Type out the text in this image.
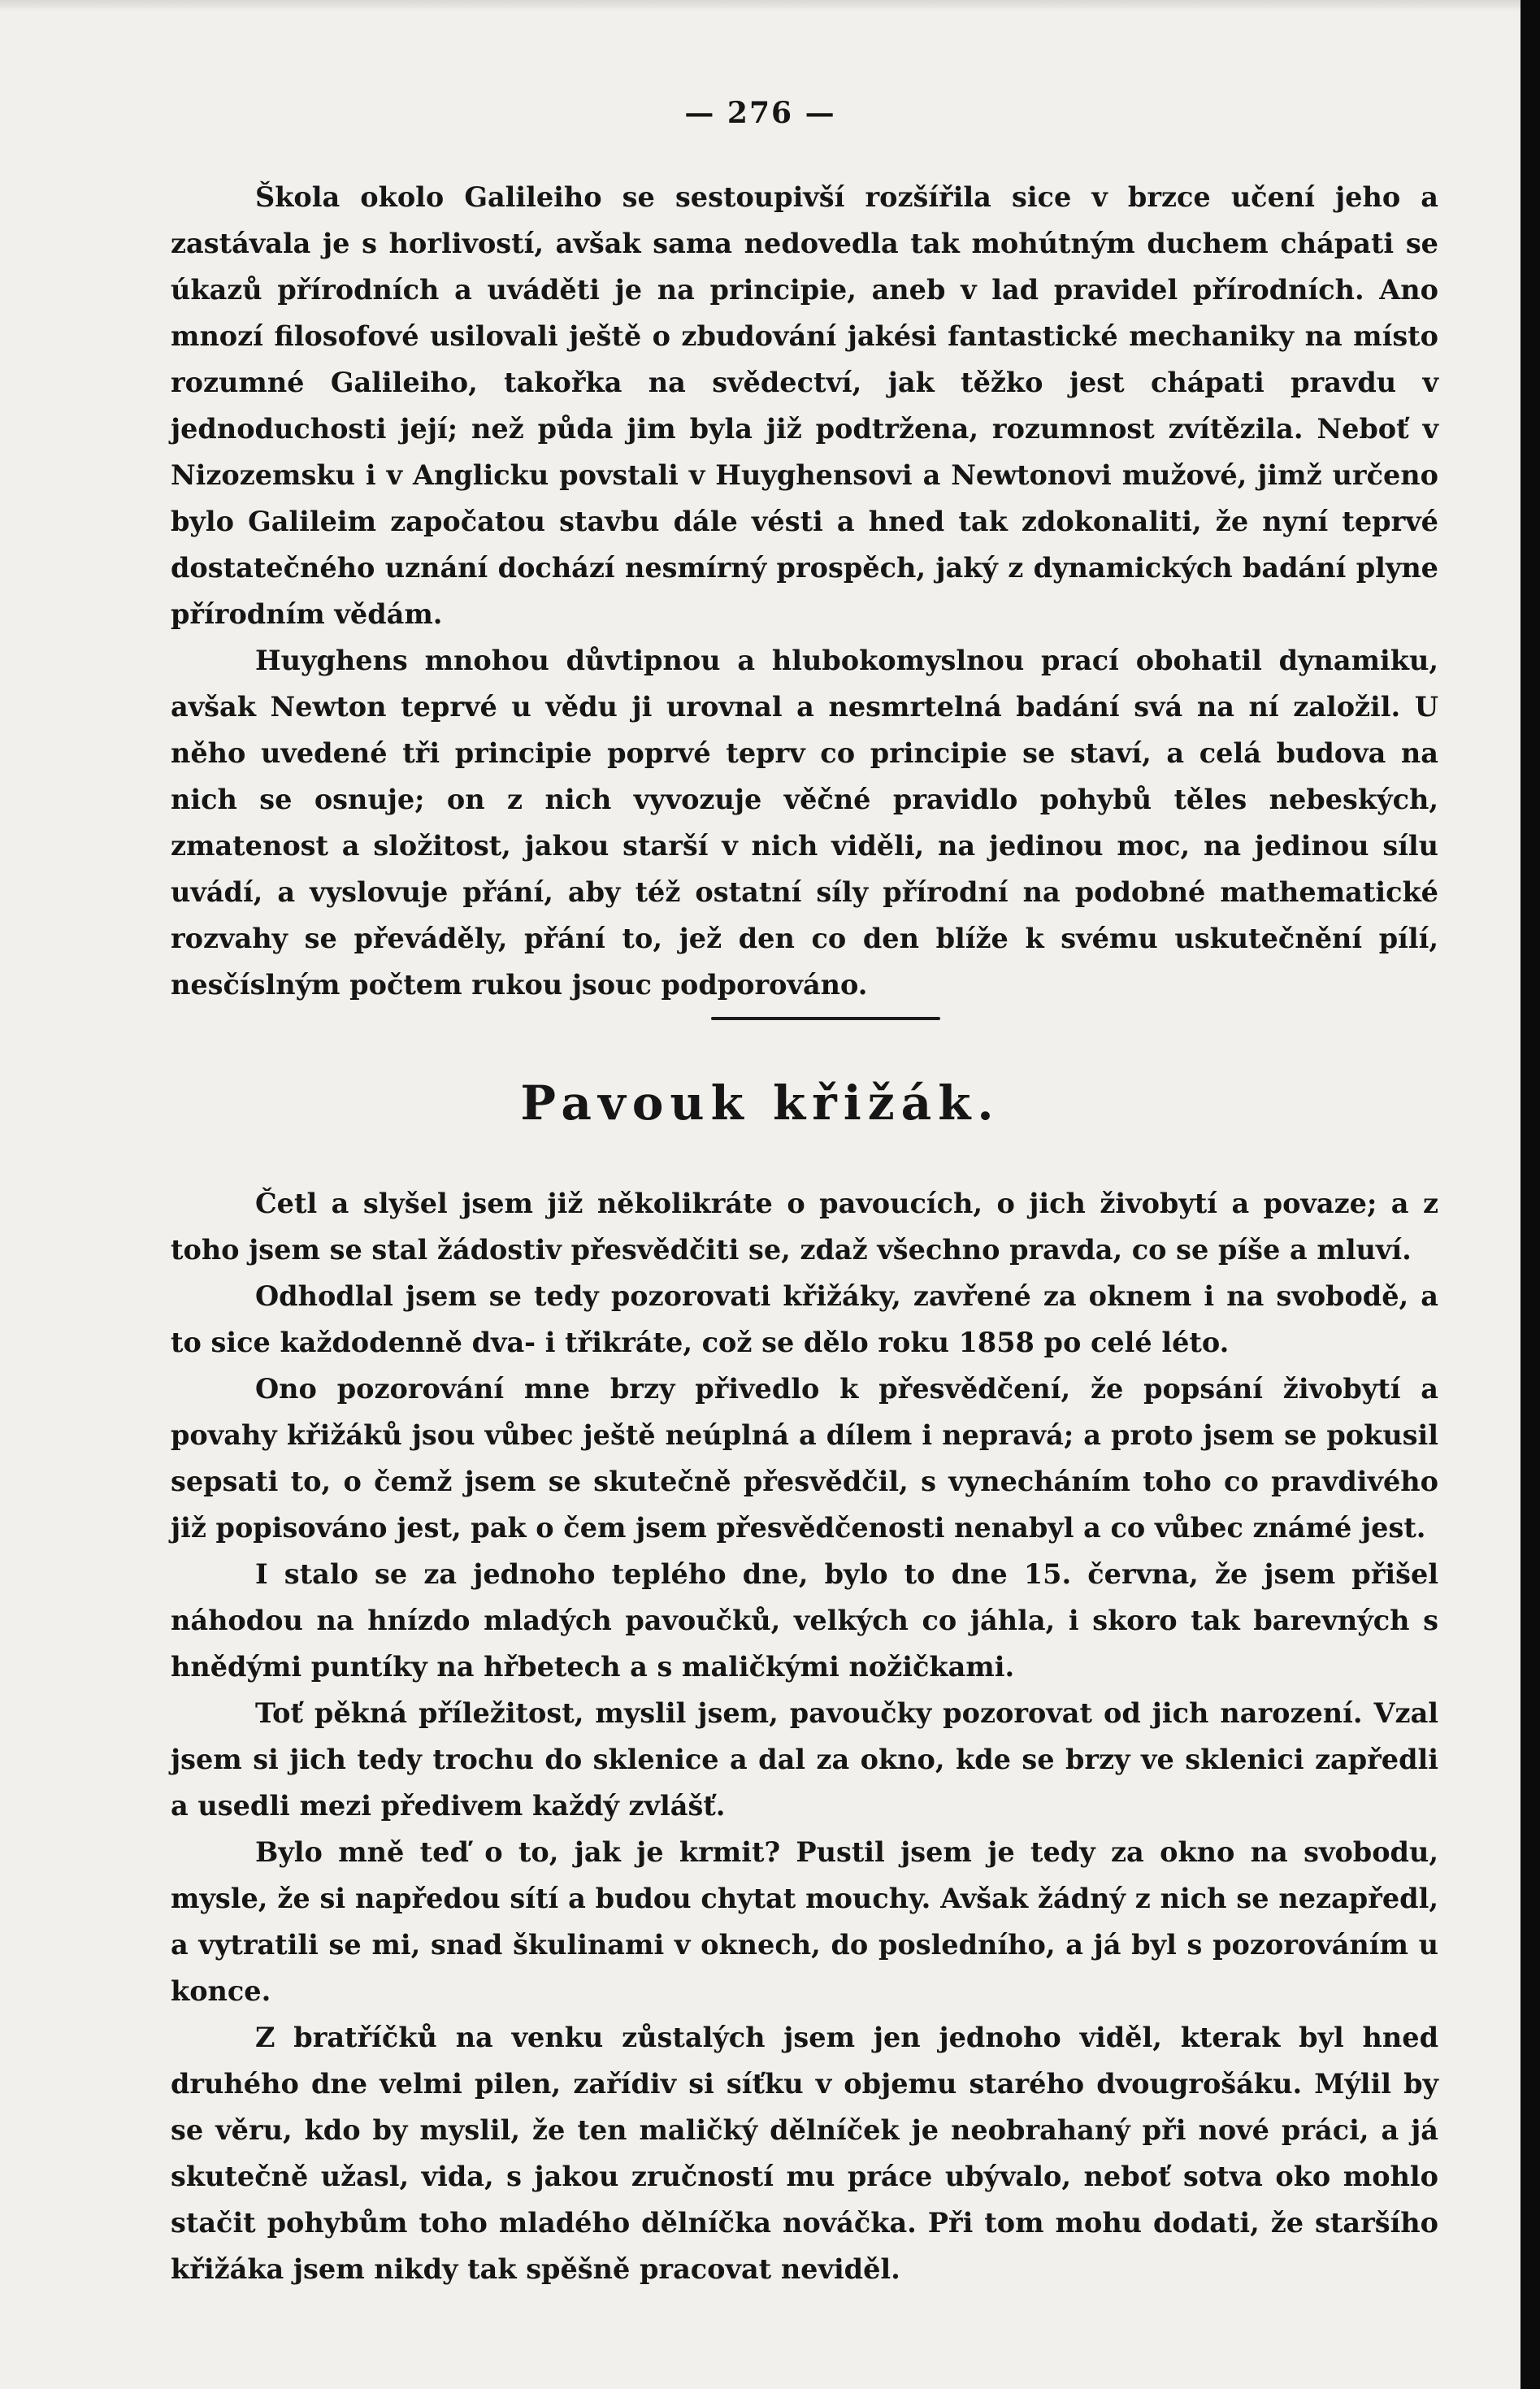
— 276 —

Škola okolo Galileiho se sestoupivší rozšířila sice v brzce učení jeho a zastávala je s horlivostí, avšak sama nedovedla tak mohútným duchem chápati se úkazů přírodních a uváděti je na principie, aneb v lad pravidel přírodních. Ano mnozí filosofové usilovali ještě o zbudování jakési fantastické mechaniky na místo rozumné Galileiho, takořka na svědectví, jak těžko jest chápati pravdu v jednoduchosti její; než půda jim byla již podtržena, rozumnost zvítězila. Neboť v Nizozemsku i v Anglicku povstali v Huyghensovi a Newtonovi mužové, jimž určeno bylo Galileim započatou stavbu dále vésti a hned tak zdokonaliti, že nyní teprvé dostatečného uznání dochází nesmírný prospěch, jaký z dynamických badání plyne přírodním vědám.

Huyghens mnohou důvtipnou a hlubokomyslnou prací obohatil dynamiku, avšak Newton teprvé u vědu ji urovnal a nesmrtelná badání svá na ní založil. U něho uvedené tři principie poprvé teprv co principie se staví, a celá budova na nich se osnuje; on z nich vyvozuje věčné pravidlo pohybů těles nebeských, zmatenost a složitost, jakou starší v nich viděli, na jedinou moc, na jedinou sílu uvádí, a vyslovuje přání, aby též ostatní síly přírodní na podobné mathematické rozvahy se převáděly, přání to, jež den co den blíže k svému uskutečnění pílí, nesčíslným počtem rukou jsouc podporováno.

Pavouk křižák.

Četl a slyšel jsem již několikráte o pavoucích, o jich živobytí a povaze; a z toho jsem se stal žádostiv přesvědčiti se, zdaž všechno pravda, co se píše a mluví.

Odhodlal jsem se tedy pozorovati křižáky, zavřené za oknem i na svobodě, a to sice každodenně dva- i třikráte, což se dělo roku 1858 po celé léto.

Ono pozorování mne brzy přivedlo k přesvědčení, že popsání živobytí a povahy křižáků jsou vůbec ještě neúplná a dílem i nepravá; a proto jsem se pokusil sepsati to, o čemž jsem se skutečně přesvědčil, s vynecháním toho co pravdivého již popisováno jest, pak o čem jsem přesvědčenosti nenabyl a co vůbec známé jest.

I stalo se za jednoho teplého dne, bylo to dne 15. června, že jsem přišel náhodou na hnízdo mladých pavoučků, velkých co jáhla, i skoro tak barevných s hnědými puntíky na hřbetech a s maličkými nožičkami.

Toť pěkná příležitost, myslil jsem, pavoučky pozorovat od jich narození. Vzal jsem si jich tedy trochu do sklenice a dal za okno, kde se brzy ve sklenici zapředli a usedli mezi předivem každý zvlášť.

Bylo mně teď o to, jak je krmit? Pustil jsem je tedy za okno na svobodu, mysle, že si napředou sítí a budou chytat mouchy. Avšak žádný z nich se nezapředl, a vytratili se mi, snad škulinami v oknech, do posledního, a já byl s pozorováním u konce.

Z bratříčků na venku zůstalých jsem jen jednoho viděl, kterak byl hned druhého dne velmi pilen, zařídiv si síťku v objemu starého dvougrošáku. Mýlil by se věru, kdo by myslil, že ten maličký dělníček je neobrahaný při nové práci, a já skutečně užasl, vida, s jakou zručností mu práce ubývalo, neboť sotva oko mohlo stačit pohybům toho mladého dělníčka nováčka. Při tom mohu dodati, že staršího křižáka jsem nikdy tak spěšně pracovat neviděl.
